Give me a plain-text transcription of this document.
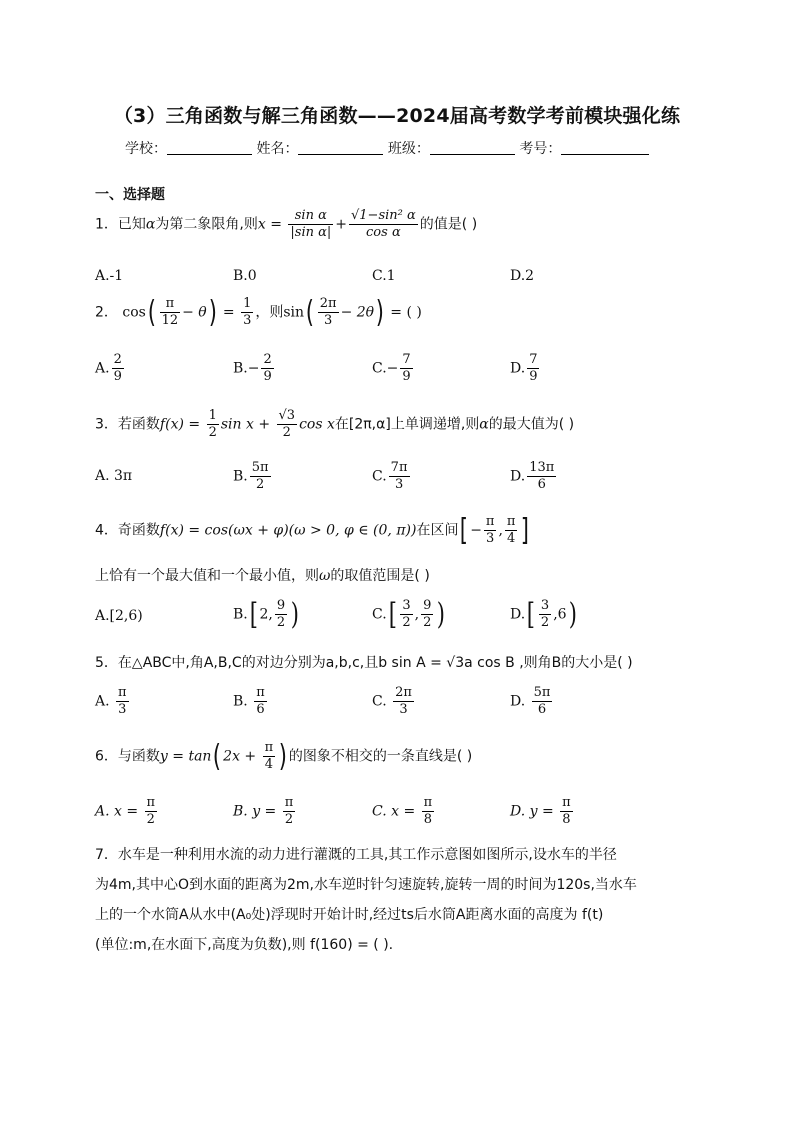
（3）三角函数与解三角函数——2024届高考数学考前模块强化练
学校：	姓名：	班级：	考号：
一、选择题
1．已知α为第二象限角,则$x = \frac{\text{sin α}}{\text{|sin α|}} + \frac{\text{√1−sin² α}}{\text{cos α}}$ 的值是( )
A.-1	B.0	C.1	D.2
2． $\cos( \frac{\pi}{12} - \theta) = \frac{1}{3}$ ，则$\sin( \frac{2\pi}{3} - 2\theta)$ = ( )
A. $\frac{2}{9}$	$B.- \frac{2}{9}$	$C.- \frac{7}{9}$	D. $\frac{7}{9}$
3．若函数$f(x) = \frac{1}{2}$ $\sin x + \frac{√3}{2}$ cos x在[2π,α]上单调递增,则α的最大值为( )
A. 3π	B. $\frac{5\pi}{2}$	C. $\frac{7\pi}{3}$	D. $\frac{13\pi}{6}$
4．奇函数f(x) = cos(ωx + φ)(ω > 0, φ ∈ (0, π))在区间[ − $\frac{\pi}{3}$ , $\frac{\pi}{4}$ ]
上恰有一个最大值和一个最小值，则ω的取值范围是( )
A.[2,6)	B.[ 2, $\frac{9}{2}$ )	$C.[ \frac{3}{2}$ , $\frac{9}{2}$ )	$D.[ \frac{3}{2} ,6)$
5．在△ABC中,角A,B,C的对边分别为a,b,c,且b sin A = √3a cos B ,则角B的大小是( )
A. $\frac{\pi}{3}$	B. $\frac{\pi}{6}$	C. $\frac{2\pi}{3}$	D. $\frac{5\pi}{6}$
6．与函数y = tan( $2x + \frac{\pi}{4}$ ) 的图象不相交的一条直线是( )
A. $x = \frac{\pi}{2}$	B. $y = \frac{\pi}{2}$	C. $x = \frac{\pi}{8}$	D. $y = \frac{\pi}{8}$
7．水车是一种利用水流的动力进行灌溉的工具,其工作示意图如图所示,设水车的半径
为4m,其中心O到水面的距离为2m,水车逆时针匀速旋转,旋转一周的时间为120s,当水车
上的一个水筒A从水中(A₀处)浮现时开始计时,经过ts后水筒A距离水面的高度为 f(t)
(单位:m,在水面下,高度为负数),则 f(160) = ( ).
